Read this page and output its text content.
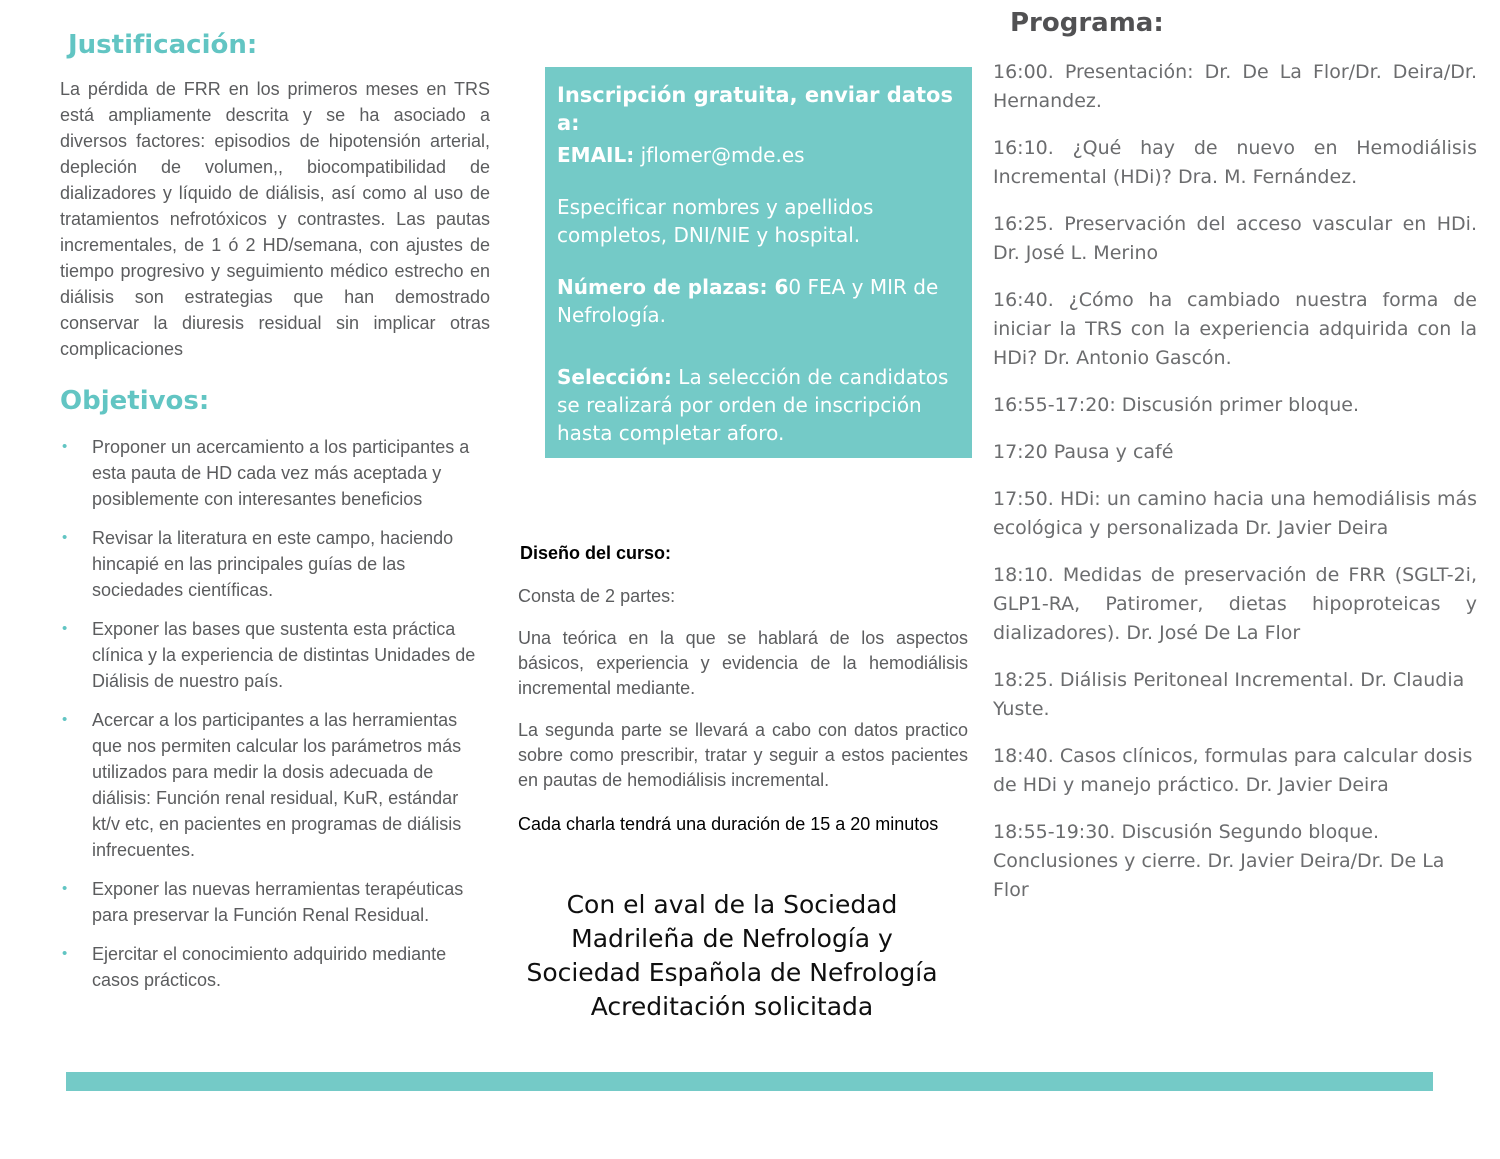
Justificación:
La pérdida de FRR en los primeros meses en TRS está ampliamente descrita y se ha asociado a diversos factores: episodios de hipotensión arterial, depleción de volumen,, biocompatibilidad de dializadores y líquido de diálisis, así como al uso de tratamientos nefrotóxicos y contrastes. Las pautas incrementales, de 1 ó 2 HD/semana, con ajustes de tiempo progresivo y seguimiento médico estrecho en diálisis son estrategias que han demostrado conservar la diuresis residual sin implicar otras complicaciones
Objetivos:
•	Proponer un acercamiento a los participantes a esta pauta de HD cada vez más aceptada y posiblemente con interesantes beneficios
•	Revisar la literatura en este campo, haciendo hincapié en las principales guías de las sociedades científicas.
•	Exponer las bases que sustenta esta práctica clínica y la experiencia de distintas Unidades de Diálisis de nuestro país.
•	Acercar a los participantes a las herramientas que nos permiten calcular los parámetros más utilizados para medir la dosis adecuada de diálisis: Función renal residual, KuR, estándar kt/v etc, en pacientes en programas de diálisis infrecuentes.
•	Exponer las nuevas herramientas terapéuticas para preservar la Función Renal Residual.
•	Ejercitar el conocimiento adquirido mediante casos prácticos.

Inscripción gratuita, enviar datos a:

EMAIL: jflomer@mde.es

Especificar nombres y apellidos completos, DNI/NIE y hospital.

Número de plazas: 60 FEA y MIR de Nefrología.

Selección: La selección de candidatos se realizará por orden de inscripción hasta completar aforo.

Diseño del curso:

Consta de 2 partes:

Una teórica en la que se hablará de los aspectos básicos, experiencia y evidencia de la hemodiálisis incremental mediante.

La segunda parte se llevará a cabo con datos practico sobre como prescribir, tratar y seguir a estos pacientes en pautas de hemodiálisis incremental.

Cada charla tendrá una duración de 15 a 20 minutos

Con el aval de la Sociedad
Madrileña de Nefrología y
Sociedad Española de Nefrología
Acreditación solicitada

Programa:

16:00. Presentación: Dr. De La Flor/Dr. Deira/Dr. Hernandez.
16:10. ¿Qué hay de nuevo en Hemodiálisis Incremental (HDi)? Dra. M. Fernández.
16:25. Preservación del acceso vascular en HDi. Dr. José L. Merino
16:40. ¿Cómo ha cambiado nuestra forma de iniciar la TRS con la experiencia adquirida con la HDi? Dr. Antonio Gascón.
16:55-17:20: Discusión primer bloque.
17:20 Pausa y café
17:50. HDi: un camino hacia una hemodiálisis más ecológica y personalizada Dr. Javier Deira
18:10. Medidas de preservación de FRR (SGLT-2i, GLP1-RA, Patiromer, dietas hipoproteicas y dializadores). Dr. José De La Flor
18:25. Diálisis Peritoneal Incremental. Dr. Claudia Yuste.
18:40. Casos clínicos, formulas para calcular dosis de HDi y manejo práctico. Dr. Javier Deira
18:55-19:30. Discusión Segundo bloque. Conclusiones y cierre. Dr. Javier Deira/Dr. De La Flor
